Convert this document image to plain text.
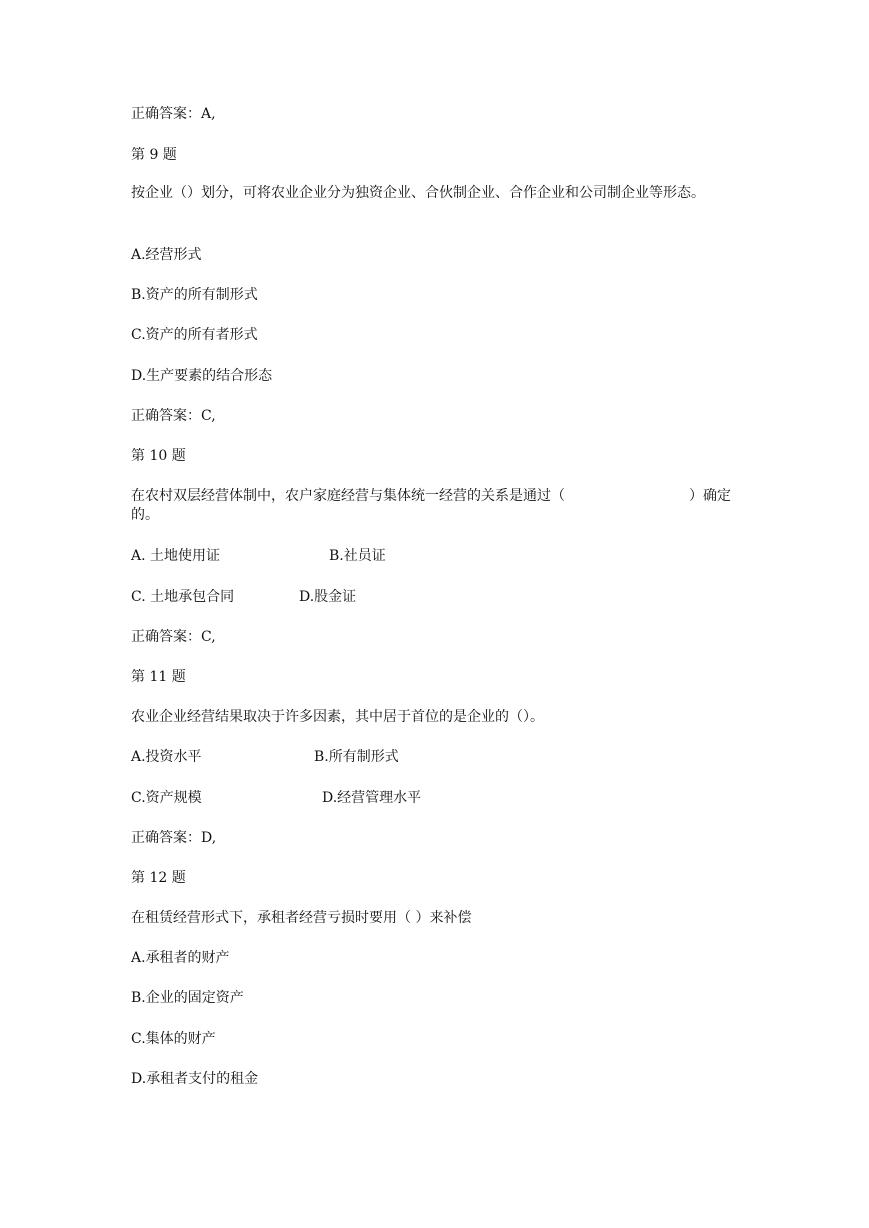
正确答案：A,
第 9 题
按企业（）划分，可将农业企业分为独资企业、合伙制企业、合作企业和公司制企业等形态。
A.经营形式
B.资产的所有制形式
C.资产的所有者形式
D.生产要素的结合形态
正确答案：C,
第 10 题
在农村双层经营体制中，农户家庭经营与集体统一经营的关系是通过（	）确定
的。
A. 土地使用证	B.社员证
C. 土地承包合同	D.股金证
正确答案：C,
第 11 题
农业企业经营结果取决于许多因素，其中居于首位的是企业的（）。
A.投资水平	B.所有制形式
C.资产规模	D.经营管理水平
正确答案：D,
第 12 题
在租赁经营形式下，承租者经营亏损时要用（ ）来补偿
A.承租者的财产
B.企业的固定资产
C.集体的财产
D.承租者支付的租金
